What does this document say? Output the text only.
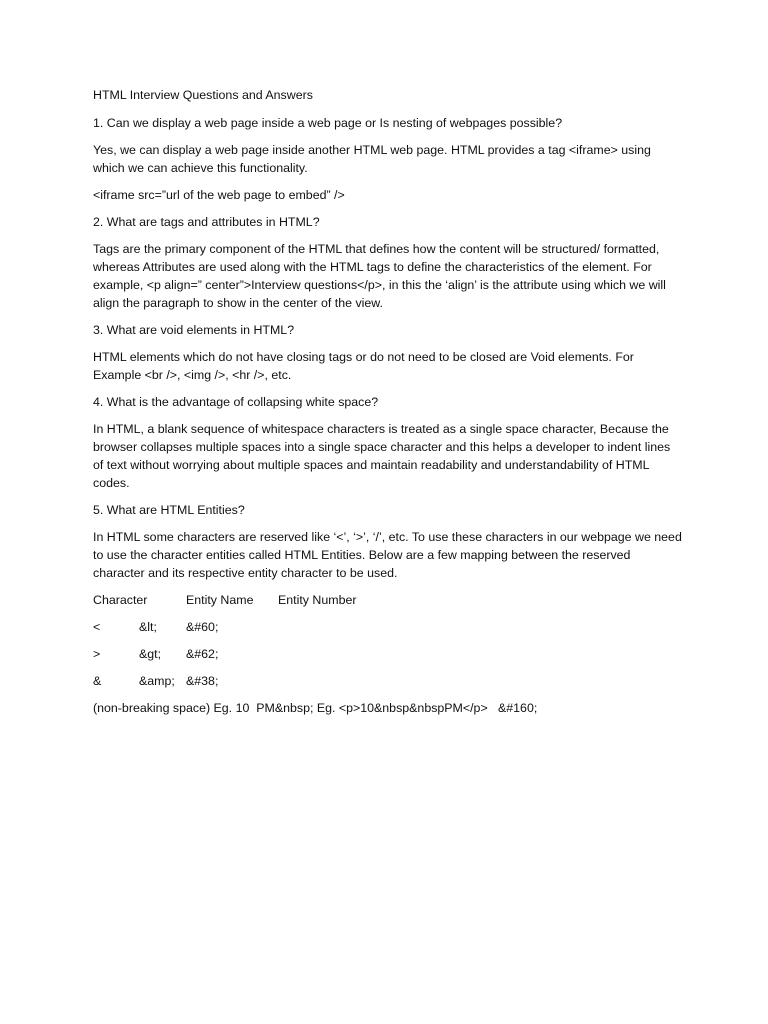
HTML Interview Questions and Answers

1. Can we display a web page inside a web page or Is nesting of webpages possible?

Yes, we can display a web page inside another HTML web page. HTML provides a tag <iframe> using which we can achieve this functionality.

<iframe src=”url of the web page to embed” />

2. What are tags and attributes in HTML?

Tags are the primary component of the HTML that defines how the content will be structured/ formatted, whereas Attributes are used along with the HTML tags to define the characteristics of the element. For example, <p align=” center”>Interview questions</p>, in this the ‘align’ is the attribute using which we will align the paragraph to show in the center of the view.

3. What are void elements in HTML?

HTML elements which do not have closing tags or do not need to be closed are Void elements. For Example <br />, <img />, <hr />, etc.

4. What is the advantage of collapsing white space?

In HTML, a blank sequence of whitespace characters is treated as a single space character, Because the browser collapses multiple spaces into a single space character and this helps a developer to indent lines of text without worrying about multiple spaces and maintain readability and understandability of HTML codes.

5. What are HTML Entities?

In HTML some characters are reserved like ‘<’, ‘>’, ‘/’, etc. To use these characters in our webpage we need to use the character entities called HTML Entities. Below are a few mapping between the reserved character and its respective entity character to be used.

Character	Entity Name Entity Number
<	&lt; &#60;
>	&gt; &#62;
&	&amp; &#38;

(non-breaking space) Eg. 10  PM&nbsp; Eg. <p>10&nbsp&nbspPM</p>   &#160;
